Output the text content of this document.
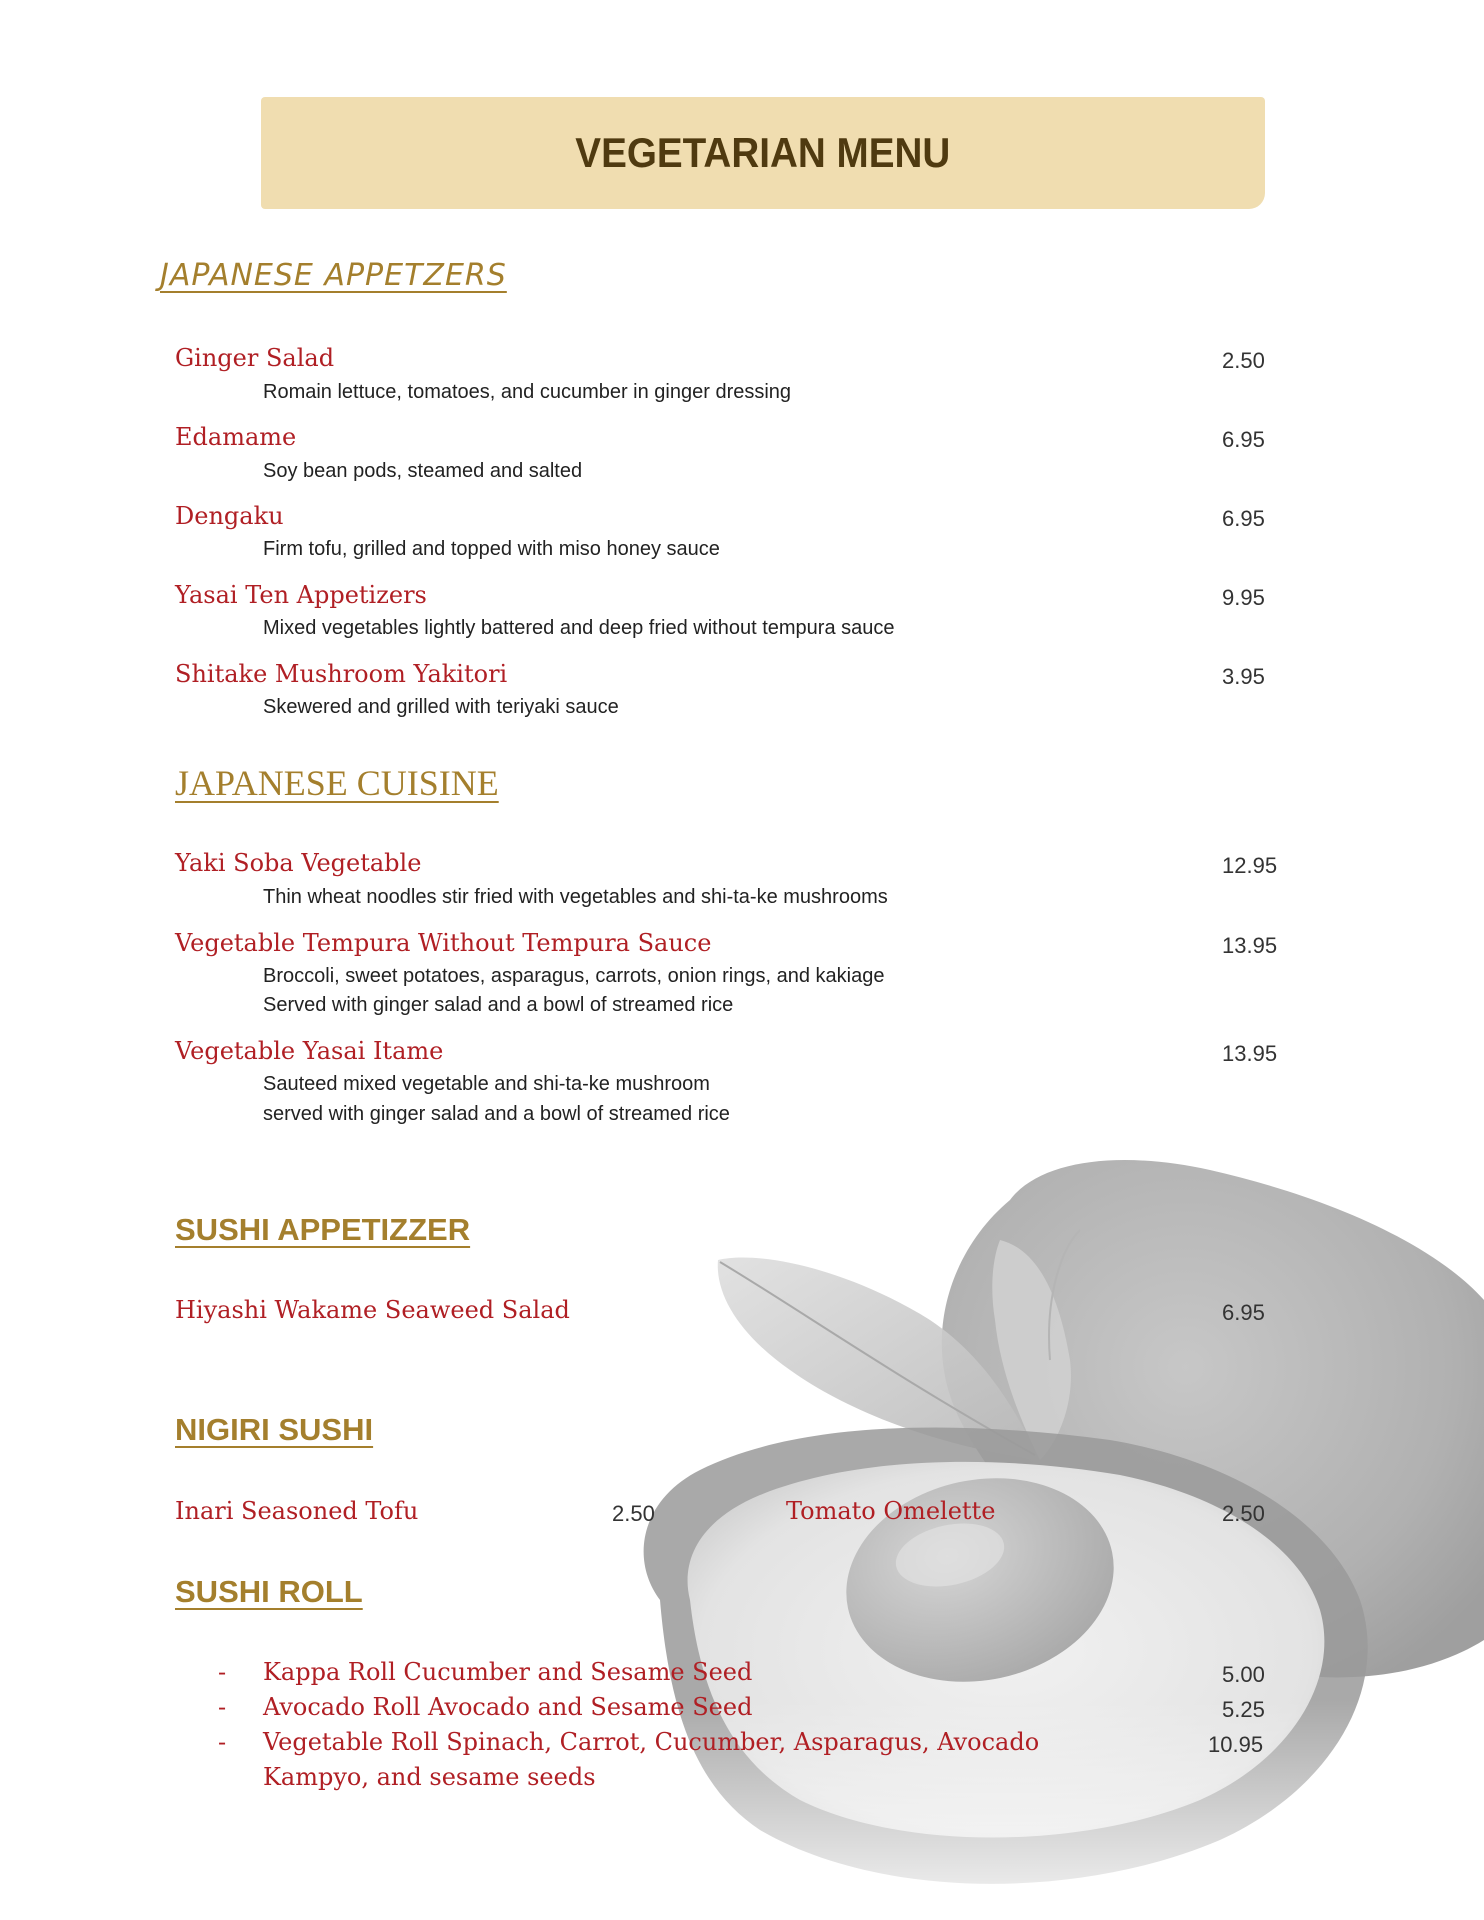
VEGETARIAN MENU
JAPANESE APPETZERS
Ginger Salad	2.50
Romain lettuce, tomatoes, and cucumber in ginger dressing
Edamame	6.95
Soy bean pods, steamed and salted
Dengaku	6.95
Firm tofu, grilled and topped with miso honey sauce
Yasai Ten Appetizers	9.95
Mixed vegetables lightly battered and deep fried without tempura sauce
Shitake Mushroom Yakitori	3.95
Skewered and grilled with teriyaki sauce
JAPANESE CUISINE
Yaki Soba Vegetable	12.95
Thin wheat noodles stir fried with vegetables and shi-ta-ke mushrooms
Vegetable Tempura Without Tempura Sauce	13.95
Broccoli, sweet potatoes, asparagus, carrots, onion rings, and kakiage
Served with ginger salad and a bowl of streamed rice
Vegetable Yasai Itame	13.95
Sauteed mixed vegetable and shi-ta-ke mushroom
served with ginger salad and a bowl of streamed rice
SUSHI APPETIZZER
Hiyashi Wakame Seaweed Salad	6.95
NIGIRI SUSHI
Inari Seasoned Tofu	2.50	Tomato Omelette	2.50
SUSHI ROLL
- Kappa Roll Cucumber and Sesame Seed	5.00
- Avocado Roll Avocado and Sesame Seed	5.25
- Vegetable Roll Spinach, Carrot, Cucumber, Asparagus, Avocado	10.95
Kampyo, and sesame seeds
